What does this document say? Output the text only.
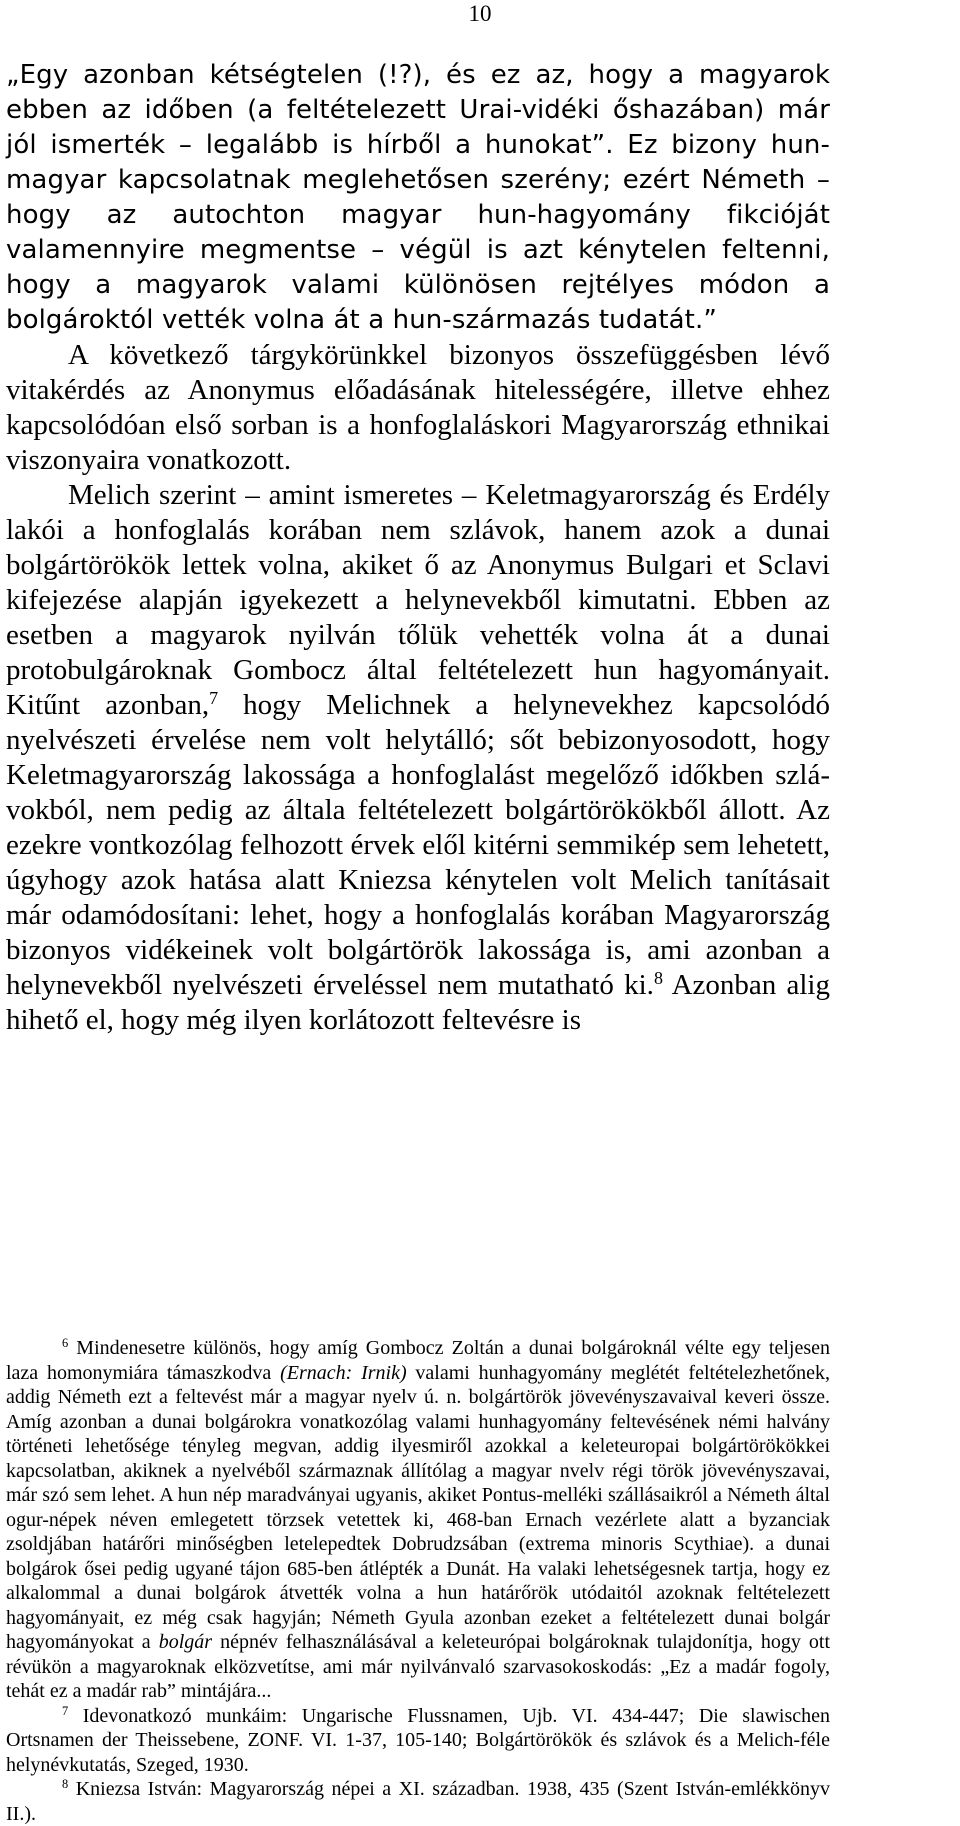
10

„Egy azonban kétségtelen (!?), és ez az, hogy a magyarok ebben az időben (a feltételezett Urai-vidéki őshazában) már jól ismerték – legalább is hírből a hunokat”. Ez bizony hun-magyar kapcsolatnak meglehetősen szerény; ezért Németh – hogy az autochton magyar hun-hagyomány fikcióját valamennyire megmentse – végül is azt kénytelen feltenni, hogy a magyarok valami különösen rejtélyes módon a bolgároktól vették volna át a hun-származás tudatát.”

A következő tárgykörünkkel bizonyos összefüggésben lévő vitakérdés az Anonymus előadásának hitelességére, illetve ehhez kapcsolódóan első sorban is a honfoglaláskori Magyarország ethnikai viszonyaira vonatkozott.

Melich szerint – amint ismeretes – Keletmagyarország és Erdély lakói a honfoglalás korában nem szlávok, hanem azok a dunai bolgártörökök lettek volna, akiket ő az Anonymus Bulgari et Sclavi kifejezése alapján igyekezett a helynevekből kimutatni. Ebben az esetben a magyarok nyilván tőlük vehették volna át a dunai protobulgároknak Gombocz által feltételezett hun hagyományait. Kitűnt azonban,$^7$ hogy Melichnek a helynevekhez kapcsolódó nyelvészeti érvelése nem volt helytálló; sőt bebizonyosodott, hogy Keletmagyarország lakossága a honfoglalást megelőző időkben szlávokból, nem pedig az általa feltételezett bolgártörökökből állott. Az ezekre vontkozólag felhozott érvek elől kitérni semmikép sem lehetett, úgyhogy azok hatása alatt Kniezsa kénytelen volt Melich tanításait már odamódosítani: lehet, hogy a honfoglalás korában Magyarország bizonyos vidékeinek volt bolgártörök lakossága is, ami azonban a helynevekből nyelvészeti érveléssel nem mutatható ki.$^8$ Azonban alig hihető el, hogy még ilyen korlátozott feltevésre is

$^6$ Mindenesetre különös, hogy amíg Gombocz Zoltán a dunai bolgároknál vélte egy teljesen laza homonymiára támaszkodva (Ernach: Irnik) valami hunhagyomány meglétét feltételezhetőnek, addig Németh ezt a feltevést már a magyar nyelv ú. n. bolgártörök jövevényszavaival keveri össze. Amíg azonban a dunai bolgárokra vonatkozólag valami hunhagyomány feltevésének némi halvány történeti lehetősége tényleg megvan, addig ilyesmiről azokkal a keleteuropai bolgártörökökkei kapcsolatban, akiknek a nyelvéből származnak állítólag a magyar nvelv régi török jövevényszavai, már szó sem lehet. A hun nép maradványai ugyanis, akiket Pontus-melléki szállásaikról a Németh által ogur-népek néven emlegetett törzsek vetettek ki, 468-ban Ernach vezérlete alatt a byzanciak zsoldjában határőri minőségben letelepedtek Dobrudzsában (extrema minoris Scythiae). a dunai bolgárok ősei pedig ugyané tájon 685-ben átlépték a Dunát. Ha valaki lehetségesnek tartja, hogy ez alkalommal a dunai bolgárok átvették volna a hun határőrök utódaitól azoknak feltételezett hagyományait, ez még csak hagyján; Németh Gyula azonban ezeket a feltételezett dunai bolgár hagyományokat a bolgár népnév felhasználásával a keleteurópai bolgároknak tulajdonítja, hogy ott révükön a magyaroknak elközvetítse, ami már nyilvánvaló szarvasokoskodás: „Ez a madár fogoly, tehát ez a madár rab” mintájára...

$^7$ Idevonatkozó munkáim: Ungarische Flussnamen, Ujb. VI. 434-447; Die slawischen Ortsnamen der Theissebene, ZONF. VI. 1-37, 105-140; Bolgártörökök és szlávok és a Melich-féle helynévkutatás, Szeged, 1930.

$^8$ Kniezsa István: Magyarország népei a XI. században. 1938, 435 (Szent István-emlékkönyv II.).
